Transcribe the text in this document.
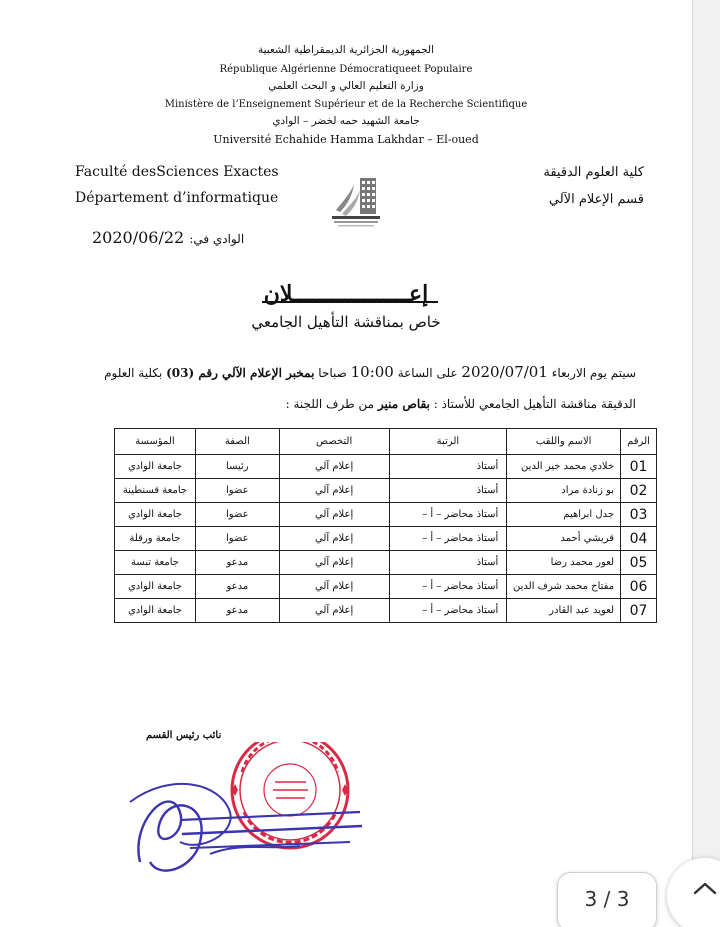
الجمهورية الجزائرية الديمقراطية الشعبية
République Algérienne Démocratiqueet Populaire
وزارة التعليم العالي و البحث العلمي
Ministère de l’Enseignement Supérieur et de la Recherche Scientifique
جامعة الشهيد حمه لخضر – الوادي
Université Echahide Hamma Lakhdar – El-oued
Faculté desSciences Exactes
Département d’informatique
كلية العلوم الدقيقة
قسم الإعلام الآلي
الوادي في: 2020/06/22
إعــــــــــــــــــلان
خاص بمناقشة التأهيل الجامعي
سيتم يوم الاربعاء 2020/07/01 على الساعة 10:00 صباحا بمخبر الإعلام الآلي رقم (03) بكلية العلوم
الدقيقة مناقشة التأهيل الجامعي للأستاذ : بقاص منير من طرف اللجنة :
الرقم	الاسم واللقب	الرتبة	التخصص	الصفة	المؤسسة
01	خلادي محمد خير الدين	أستاذ	إعلام آلي	رئيسا	جامعة الوادي
02	بو زنادة مراد	أستاذ	إعلام آلي	عضوا	جامعة قسنطينة
03	جدل ابراهيم	أستاذ محاضر – أ –	إعلام آلي	عضوا	جامعة الوادي
04	قريشي أحمد	أستاذ محاضر – أ –	إعلام آلي	عضوا	جامعة ورقلة
05	لعور محمد رضا	أستاذ	إعلام آلي	مدعو	جامعة تبسة
06	مفتاح محمد شرف الدين	أستاذ محاضر – أ –	إعلام آلي	مدعو	جامعة الوادي
07	لعويد عبد القادر	أستاذ محاضر – أ –	إعلام آلي	مدعو	جامعة الوادي
نائب رئيس القسم
3 / 3
